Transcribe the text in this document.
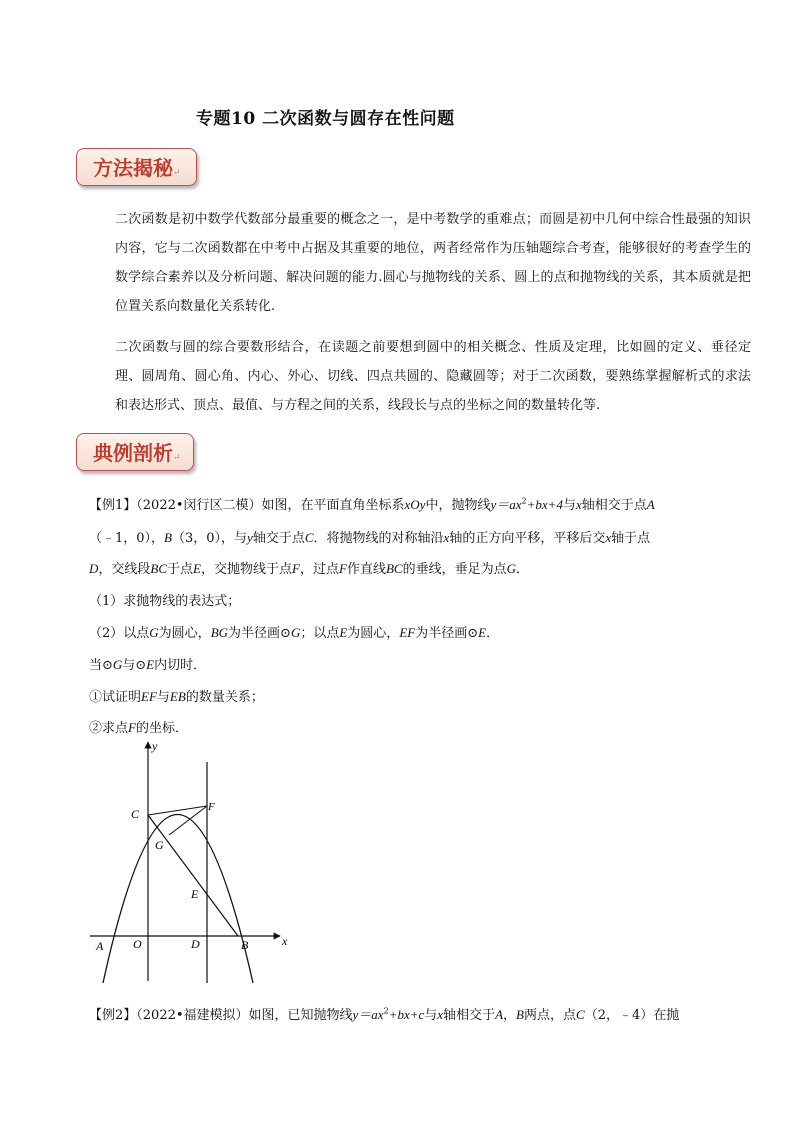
专题10 二次函数与圆存在性问题
方法揭秘↵
二次函数是初中数学代数部分最重要的概念之一，是中考数学的重难点；而圆是初中几何中综合性最强的知识内容，它与二次函数都在中考中占据及其重要的地位，两者经常作为压轴题综合考查，能够很好的考查学生的数学综合素养以及分析问题、解决问题的能力.圆心与抛物线的关系、圆上的点和抛物线的关系，其本质就是把位置关系向数量化关系转化.
二次函数与圆的综合要数形结合，在读题之前要想到圆中的相关概念、性质及定理，比如圆的定义、垂径定理、圆周角、圆心角、内心、外心、切线、四点共圆的、隐藏圆等；对于二次函数，要熟练掌握解析式的求法和表达形式、顶点、最值、与方程之间的关系，线段长与点的坐标之间的数量转化等.
典例剖析↵
【例1】（2022•闵行区二模）如图，在平面直角坐标系xOy中，抛物线$y=ax^2+bx+4$与x轴相交于点A
（﹣1，0），B（3，0），与y轴交于点C．将抛物线的对称轴沿x轴的正方向平移，平移后交x轴于点
D，交线段BC于点E，交抛物线于点F，过点F作直线BC的垂线，垂足为点G．
（1）求抛物线的表达式；
（2）以点G为圆心，BG为半径画⊙G；以点E为圆心，EF为半径画⊙E．
当⊙G与⊙E内切时．
①试证明EF与EB的数量关系；
②求点F的坐标．
y
x
A O	D	B
C	F
G
E
【例2】（2022•福建模拟）如图，已知抛物线$y=ax^2+bx+c$与x轴相交于A，B两点，点C（2，﹣4）在抛
